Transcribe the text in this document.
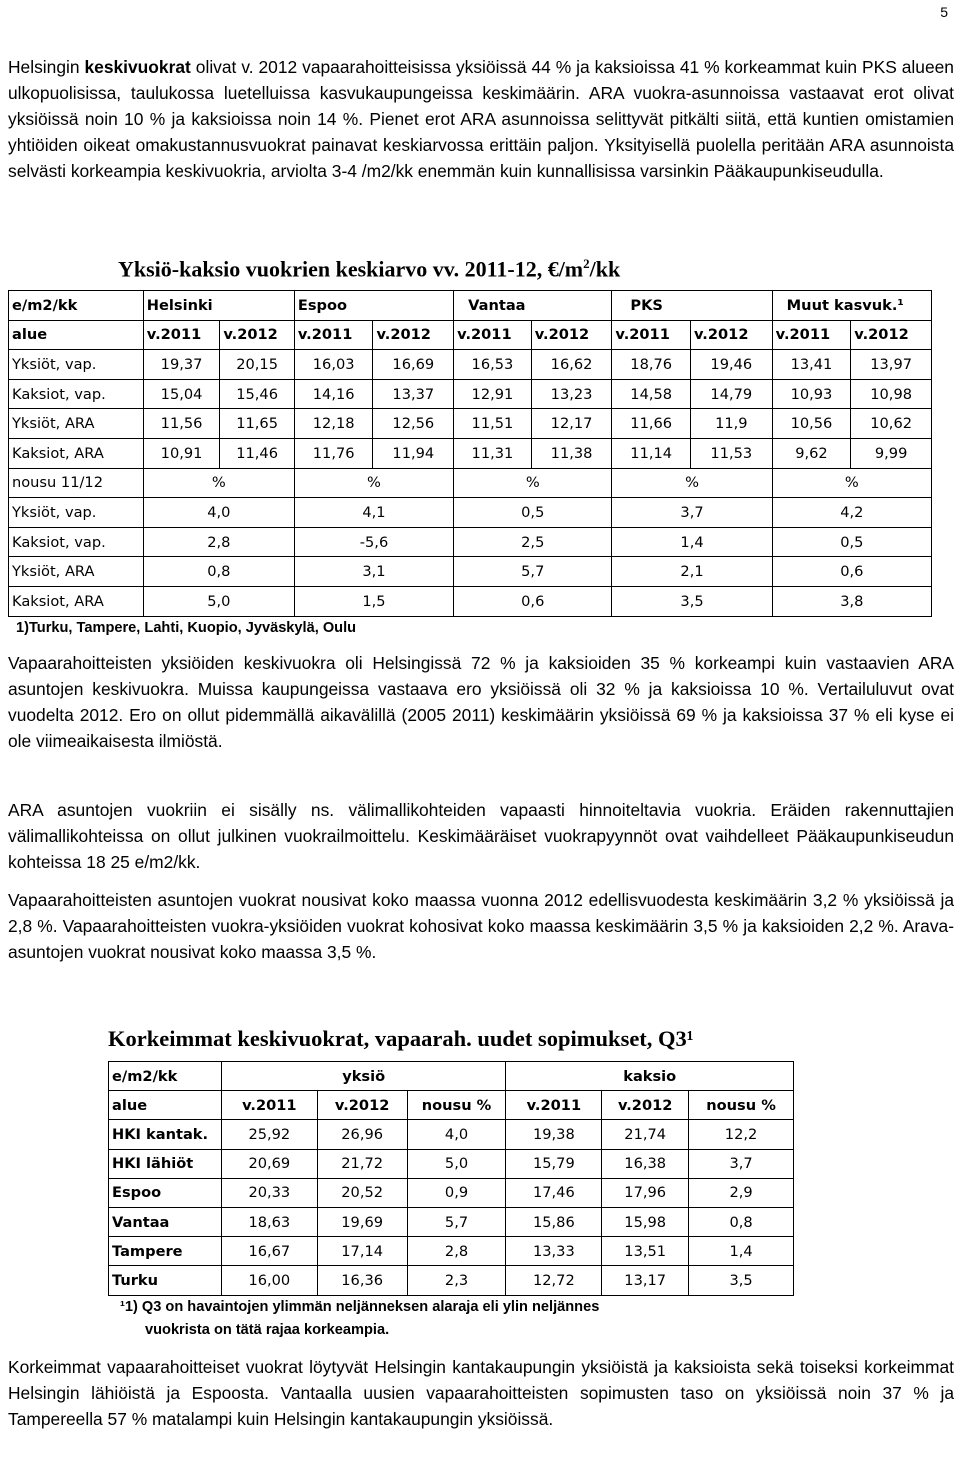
5

Helsingin keskivuokrat olivat v. 2012 vapaarahoitteisissa yksiöissä 44 % ja kaksioissa 41 % korkeammat kuin PKS alueen ulkopuolisissa, taulukossa luetelluissa kasvukaupungeissa keskimäärin. ARA vuokra-asunnoissa vastaavat erot olivat yksiöissä noin 10 % ja kaksioissa noin 14 %. Pienet erot ARA asunnoissa selittyvät pitkälti siitä, että kuntien omistamien yhtiöiden oikeat omakustannusvuokrat painavat keskiarvossa erittäin paljon. Yksityisellä puolella peritään ARA asunnoista selvästi korkeampia keskivuokria, arviolta 3-4 /m2/kk enemmän kuin kunnallisissa varsinkin Pääkaupunkiseudulla.

Yksiö-kaksio vuokrien keskiarvo vv. 2011-12, $€/m^2/kk$
e/m2/kk	Helsinki		Espoo		Vantaa		PKS		Muut kasvuk.¹	
alue	v.2011	v.2012	v.2011	v.2012	v.2011	v.2012	v.2011	v.2012	v.2011	v.2012
Yksiöt, vap.	19,37	20,15	16,03	16,69	16,53	16,62	18,76	19,46	13,41	13,97
Kaksiot, vap.	15,04	15,46	14,16	13,37	12,91	13,23	14,58	14,79	10,93	10,98
Yksiöt, ARA	11,56	11,65	12,18	12,56	11,51	12,17	11,66	11,9	10,56	10,62
Kaksiot, ARA	10,91	11,46	11,76	11,94	11,31	11,38	11,14	11,53	9,62	9,99
nousu 11/12	%		%		%		%		%	
Yksiöt, vap.	4,0		4,1		0,5		3,7		4,2	
Kaksiot, vap.	2,8		-5,6		2,5		1,4		0,5	
Yksiöt, ARA	0,8		3,1		5,7		2,1		0,6	
Kaksiot, ARA	5,0		1,5		0,6		3,5		3,8	
1)Turku, Tampere, Lahti, Kuopio, Jyväskylä, Oulu

Vapaarahoitteisten yksiöiden keskivuokra oli Helsingissä 72 % ja kaksioiden 35 % korkeampi kuin vastaavien ARA asuntojen keskivuokra. Muissa kaupungeissa vastaava ero yksiöissä oli 32 % ja kaksioissa 10 %. Vertailuluvut ovat vuodelta 2012. Ero on ollut pidemmällä aikavälillä (2005 2011) keskimäärin yksiöissä 69 % ja kaksioissa 37 % eli kyse ei ole viimeaikaisesta ilmiöstä.

ARA asuntojen vuokriin ei sisälly ns. välimallikohteiden vapaasti hinnoiteltavia vuokria. Eräiden rakennuttajien välimallikohteissa on ollut julkinen vuokrailmoittelu. Keskimääräiset vuokrapyynnöt ovat vaihdelleet Pääkaupunkiseudun kohteissa 18 25 e/m2/kk.

Vapaarahoitteisten asuntojen vuokrat nousivat koko maassa vuonna 2012 edellisvuodesta keskimäärin 3,2 % yksiöissä ja 2,8 %. Vapaarahoitteisten vuokra-yksiöiden vuokrat kohosivat koko maassa keskimäärin 3,5 % ja kaksioiden 2,2 %. Arava-asuntojen vuokrat nousivat koko maassa 3,5 %.

Korkeimmat keskivuokrat, vapaarah. uudet sopimukset, Q3¹
e/m2/kk	yksiö			kaksio		
alue	v.2011	v.2012	nousu %	v.2011	v.2012	nousu %
HKI kantak.	25,92	26,96	4,0	19,38	21,74	12,2
HKI lähiöt	20,69	21,72	5,0	15,79	16,38	3,7
Espoo	20,33	20,52	0,9	17,46	17,96	2,9
Vantaa	18,63	19,69	5,7	15,86	15,98	0,8
Tampere	16,67	17,14	2,8	13,33	13,51	1,4
Turku	16,00	16,36	2,3	12,72	13,17	3,5
¹1) Q3 on havaintojen ylimmän neljänneksen alaraja eli ylin neljännes
vuokrista on tätä rajaa korkeampia.

Korkeimmat vapaarahoitteiset vuokrat löytyvät Helsingin kantakaupungin yksiöistä ja kaksioista sekä toiseksi korkeimmat Helsingin lähiöistä ja Espoosta. Vantaalla uusien vapaarahoitteisten sopimusten taso on yksiöissä noin 37 % ja Tampereella 57 % matalampi kuin Helsingin kantakaupungin yksiöissä.
